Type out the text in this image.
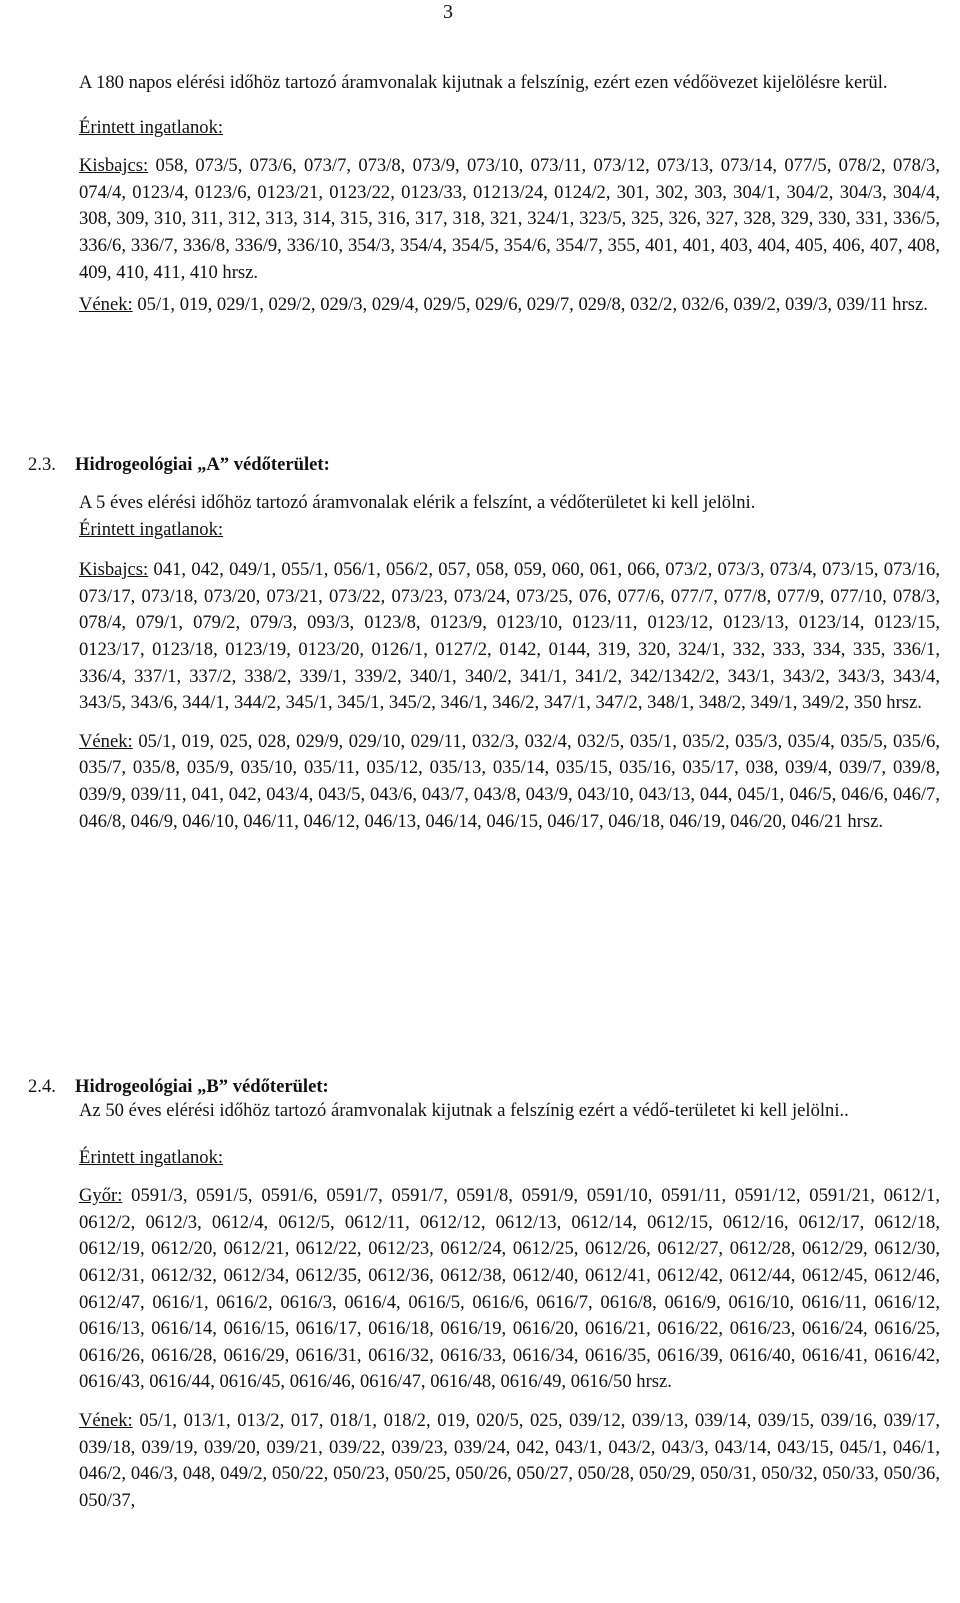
3

A 180 napos elérési időhöz tartozó áramvonalak kijutnak a felszínig, ezért ezen védőövezet kijelölésre kerül.

Érintett ingatlanok:

Kisbajcs: 058, 073/5, 073/6, 073/7, 073/8, 073/9, 073/10, 073/11, 073/12, 073/13, 073/14, 077/5, 078/2, 078/3, 074/4, 0123/4, 0123/6, 0123/21, 0123/22, 0123/33, 01213/24, 0124/2, 301, 302, 303, 304/1, 304/2, 304/3, 304/4, 308, 309, 310, 311, 312, 313, 314, 315, 316, 317, 318, 321, 324/1, 323/5, 325, 326, 327, 328, 329, 330, 331, 336/5, 336/6, 336/7, 336/8, 336/9, 336/10, 354/3, 354/4, 354/5, 354/6, 354/7, 355, 401, 401, 403, 404, 405, 406, 407, 408, 409, 410, 411, 410 hrsz.

Vének: 05/1, 019, 029/1, 029/2, 029/3, 029/4, 029/5, 029/6, 029/7, 029/8, 032/2, 032/6, 039/2, 039/3, 039/11 hrsz.

2.3. Hidrogeológiai „A” védőterület:

A 5 éves elérési időhöz tartozó áramvonalak elérik a felszínt, a védőterületet ki kell jelölni.

Érintett ingatlanok:

Kisbajcs: 041, 042, 049/1, 055/1, 056/1, 056/2, 057, 058, 059, 060, 061, 066, 073/2, 073/3, 073/4, 073/15, 073/16, 073/17, 073/18, 073/20, 073/21, 073/22, 073/23, 073/24, 073/25, 076, 077/6, 077/7, 077/8, 077/9, 077/10, 078/3, 078/4, 079/1, 079/2, 079/3, 093/3, 0123/8, 0123/9, 0123/10, 0123/11, 0123/12, 0123/13, 0123/14, 0123/15, 0123/17, 0123/18, 0123/19, 0123/20, 0126/1, 0127/2, 0142, 0144, 319, 320, 324/1, 332, 333, 334, 335, 336/1, 336/4, 337/1, 337/2, 338/2, 339/1, 339/2, 340/1, 340/2, 341/1, 341/2, 342/1342/2, 343/1, 343/2, 343/3, 343/4, 343/5, 343/6, 344/1, 344/2, 345/1, 345/1, 345/2, 346/1, 346/2, 347/1, 347/2, 348/1, 348/2, 349/1, 349/2, 350 hrsz.

Vének: 05/1, 019, 025, 028, 029/9, 029/10, 029/11, 032/3, 032/4, 032/5, 035/1, 035/2, 035/3, 035/4, 035/5, 035/6, 035/7, 035/8, 035/9, 035/10, 035/11, 035/12, 035/13, 035/14, 035/15, 035/16, 035/17, 038, 039/4, 039/7, 039/8, 039/9, 039/11, 041, 042, 043/4, 043/5, 043/6, 043/7, 043/8, 043/9, 043/10, 043/13, 044, 045/1, 046/5, 046/6, 046/7, 046/8, 046/9, 046/10, 046/11, 046/12, 046/13, 046/14, 046/15, 046/17, 046/18, 046/19, 046/20, 046/21 hrsz.

2.4. Hidrogeológiai „B” védőterület:

Az 50 éves elérési időhöz tartozó áramvonalak kijutnak a felszínig ezért a védő-területet ki kell jelölni..

Érintett ingatlanok:

Győr: 0591/3, 0591/5, 0591/6, 0591/7, 0591/7, 0591/8, 0591/9, 0591/10, 0591/11, 0591/12, 0591/21, 0612/1, 0612/2, 0612/3, 0612/4, 0612/5, 0612/11, 0612/12, 0612/13, 0612/14, 0612/15, 0612/16, 0612/17, 0612/18, 0612/19, 0612/20, 0612/21, 0612/22, 0612/23, 0612/24, 0612/25, 0612/26, 0612/27, 0612/28, 0612/29, 0612/30, 0612/31, 0612/32, 0612/34, 0612/35, 0612/36, 0612/38, 0612/40, 0612/41, 0612/42, 0612/44, 0612/45, 0612/46, 0612/47, 0616/1, 0616/2, 0616/3, 0616/4, 0616/5, 0616/6, 0616/7, 0616/8, 0616/9, 0616/10, 0616/11, 0616/12, 0616/13, 0616/14, 0616/15, 0616/17, 0616/18, 0616/19, 0616/20, 0616/21, 0616/22, 0616/23, 0616/24, 0616/25, 0616/26, 0616/28, 0616/29, 0616/31, 0616/32, 0616/33, 0616/34, 0616/35, 0616/39, 0616/40, 0616/41, 0616/42, 0616/43, 0616/44, 0616/45, 0616/46, 0616/47, 0616/48, 0616/49, 0616/50 hrsz.

Vének: 05/1, 013/1, 013/2, 017, 018/1, 018/2, 019, 020/5, 025, 039/12, 039/13, 039/14, 039/15, 039/16, 039/17, 039/18, 039/19, 039/20, 039/21, 039/22, 039/23, 039/24, 042, 043/1, 043/2, 043/3, 043/14, 043/15, 045/1, 046/1, 046/2, 046/3, 048, 049/2, 050/22, 050/23, 050/25, 050/26, 050/27, 050/28, 050/29, 050/31, 050/32, 050/33, 050/36, 050/37,
